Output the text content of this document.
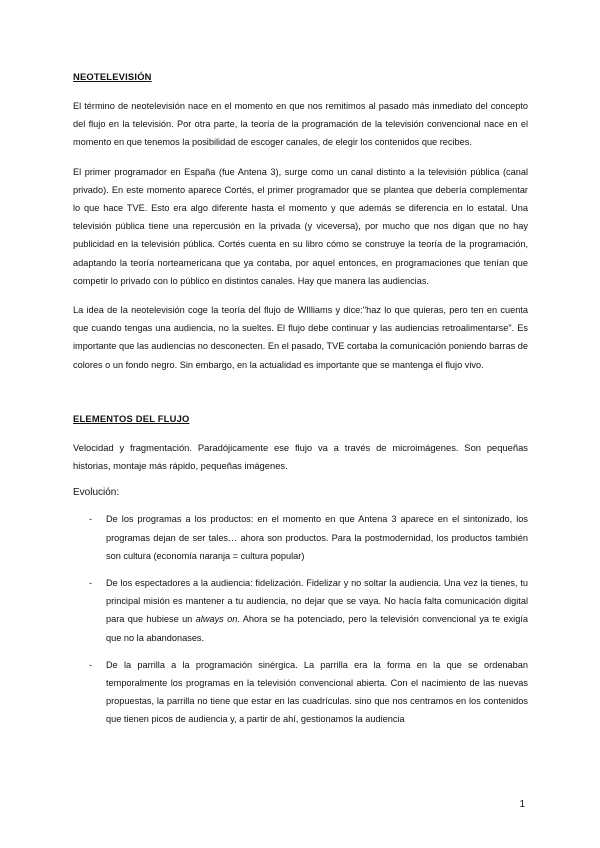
NEOTELEVISIÓN

El término de neotelevisión nace en el momento en que nos remitimos al pasado más inmediato del concepto del flujo en la televisión. Por otra parte, la teoría de la programación de la televisión convencional nace en el momento en que tenemos la posibilidad de escoger canales, de elegir los contenidos que recibes.

El primer programador en España (fue Antena 3), surge como un canal distinto a la televisión pública (canal privado). En este momento aparece Cortés, el primer programador que se plantea que debería complementar lo que hace TVE. Esto era algo diferente hasta el momento y que además se diferencia en lo estatal. Una televisión pública tiene una repercusión en la privada (y viceversa), por mucho que nos digan que no hay publicidad en la televisión pública. Cortés cuenta en su libro cómo se construye la teoría de la programación, adaptando la teoría norteamericana que ya contaba, por aquel entonces, en programaciones que tenían que competir lo privado con lo público en distintos canales. Hay que manera las audiencias.

La idea de la neotelevisión coge la teoría del flujo de WIlliams y dice:"haz lo que quieras, pero ten en cuenta que cuando tengas una audiencia, no la sueltes. El flujo debe continuar y las audiencias retroalimentarse". Es importante que las audiencias no desconecten. En el pasado, TVE cortaba la comunicación poniendo barras de colores o un fondo negro. Sin embargo, en la actualidad es importante que se mantenga el flujo vivo.

ELEMENTOS DEL FLUJO

Velocidad y fragmentación. Paradójicamente ese flujo va a través de microimágenes. Son pequeñas historias, montaje más rápido, pequeñas imágenes.

Evolución:

- De los programas a los productos: en el momento en que Antena 3 aparece en el sintonizado, los programas dejan de ser tales… ahora son productos. Para la postmodernidad, los productos también son cultura (economía naranja = cultura popular)
- De los espectadores a la audiencia: fidelización. Fidelizar y no soltar la audiencia. Una vez la tienes, tu principal misión es mantener a tu audiencia, no dejar que se vaya. No hacía falta comunicación digital para que hubiese un always on. Ahora se ha potenciado, pero la televisión convencional ya te exigía que no la abandonases.
- De la parrilla a la programación sinérgica. La parrilla era la forma en la que se ordenaban temporalmente los programas en la televisión convencional abierta. Con el nacimiento de las nuevas propuestas, la parrilla no tiene que estar en las cuadrículas. sino que nos centramos en los contenidos que tienen picos de audiencia y, a partir de ahí, gestionamos la audiencia
1
